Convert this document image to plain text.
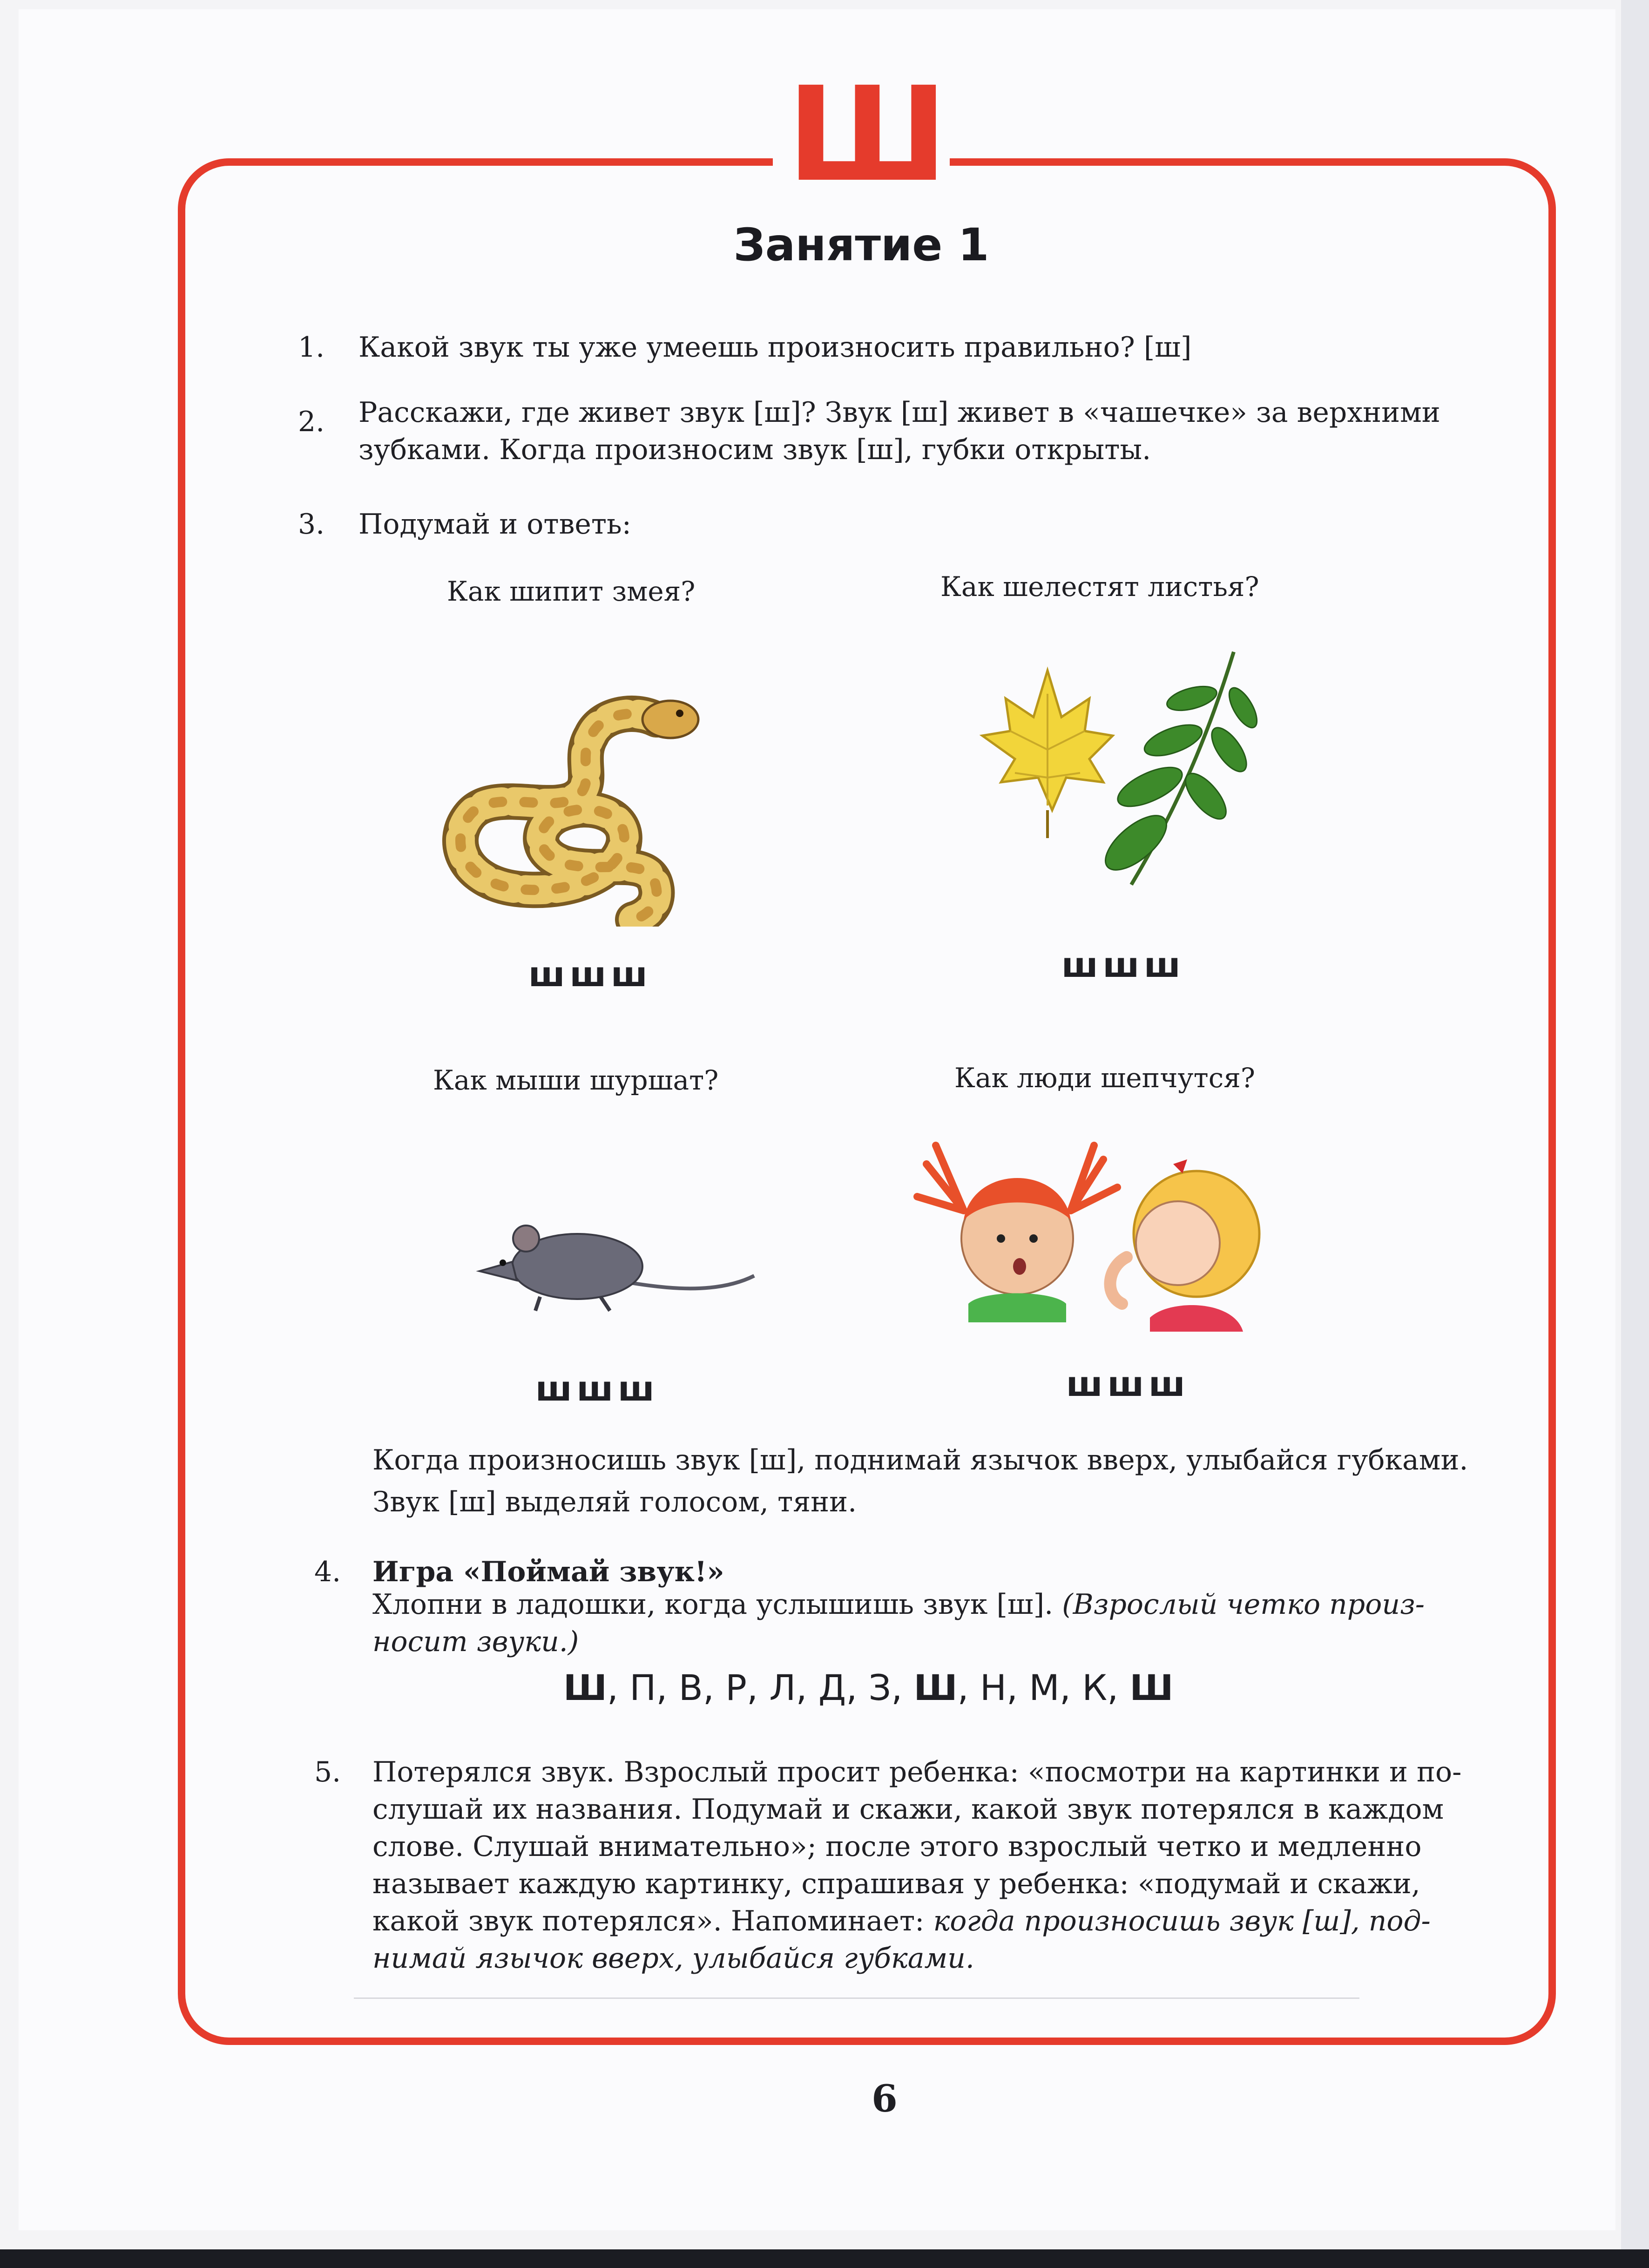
Ш
Занятие 1
1. Какой звук ты уже умеешь произносить правильно? [ш]
2. Расскажи, где живет звук [ш]? Звук [ш] живет в «чашечке» за верхними
зубками. Когда произносим звук [ш], губки открыты.
3. Подумай и ответь:
Как шипит змея?	Как шелестят листья?
Как мыши шуршат?	Как люди шепчутся?
шшш	шшш
шшш	шшш
Когда произносишь звук [ш], поднимай язычок вверх, улыбайся губками.
Звук [ш] выделяй голосом, тяни.
4. Игра «Поймай звук!»
Хлопни в ладошки, когда услышишь звук [ш]. (Взрослый четко произ-
носит звуки.)
Ш, П, В, Р, Л, Д, З, Ш, Н, М, К, Ш
5. Потерялся звук. Взрослый просит ребенка: «посмотри на картинки и по-
слушай их названия. Подумай и скажи, какой звук потерялся в каждом
слове. Слушай внимательно»; после этого взрослый четко и медленно
называет каждую картинку, спрашивая у ребенка: «подумай и скажи,
какой звук потерялся». Напоминает: когда произносишь звук [ш], под-
нимай язычок вверх, улыбайся губками.
6
